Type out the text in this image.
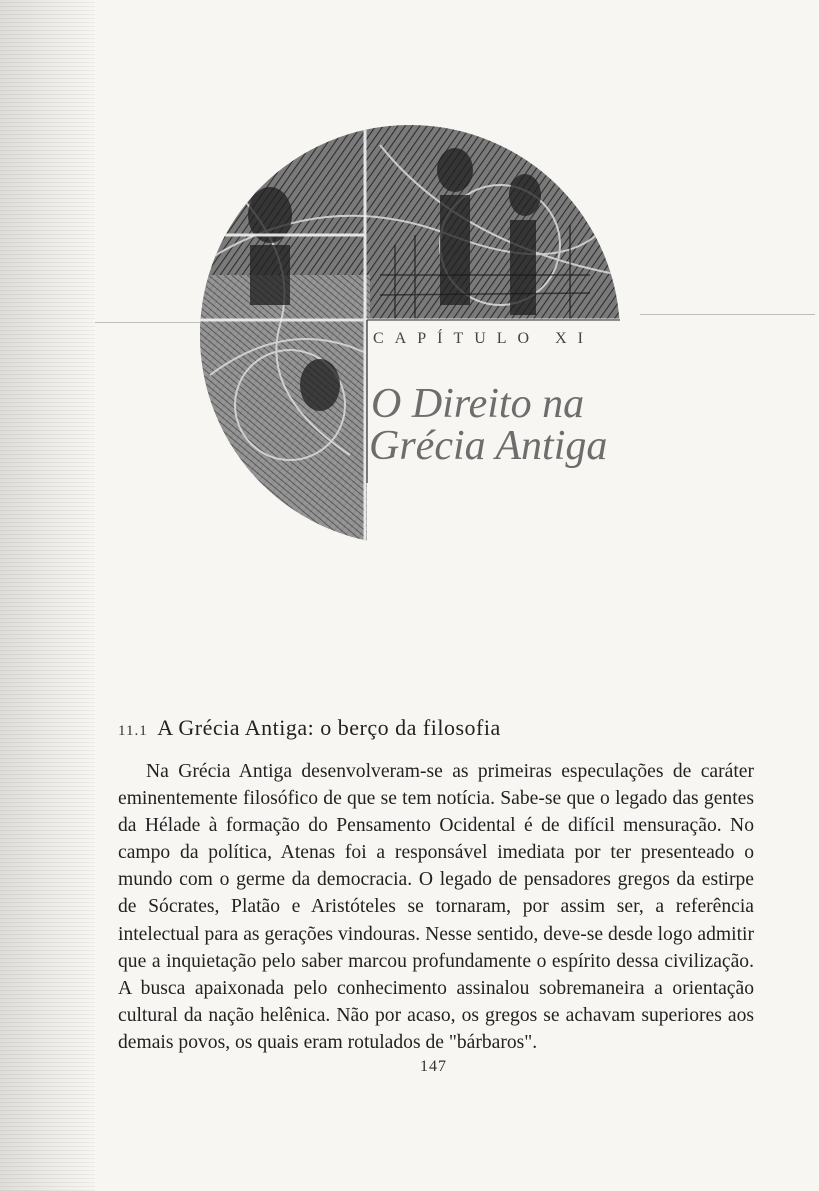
CAPÍTULO XI
O Direito na
Grécia Antiga
11.1 A Grécia Antiga: o berço da filosofia

Na Grécia Antiga desenvolveram-se as primeiras especulações de caráter eminentemente filosófico de que se tem notícia. Sabe-se que o legado das gentes da Hélade à formação do Pensamento Ocidental é de difícil mensuração. No campo da política, Atenas foi a responsável imediata por ter presenteado o mundo com o germe da democracia. O legado de pensadores gregos da estirpe de Sócrates, Platão e Aristóteles se tornaram, por assim ser, a referência intelectual para as gerações vindouras. Nesse sentido, deve-se desde logo admitir que a inquietação pelo saber marcou profundamente o espírito dessa civilização. A busca apaixonada pelo conhecimento assinalou sobremaneira a orientação cultural da nação helênica. Não por acaso, os gregos se achavam superiores aos demais povos, os quais eram rotulados de "bárbaros".

147
